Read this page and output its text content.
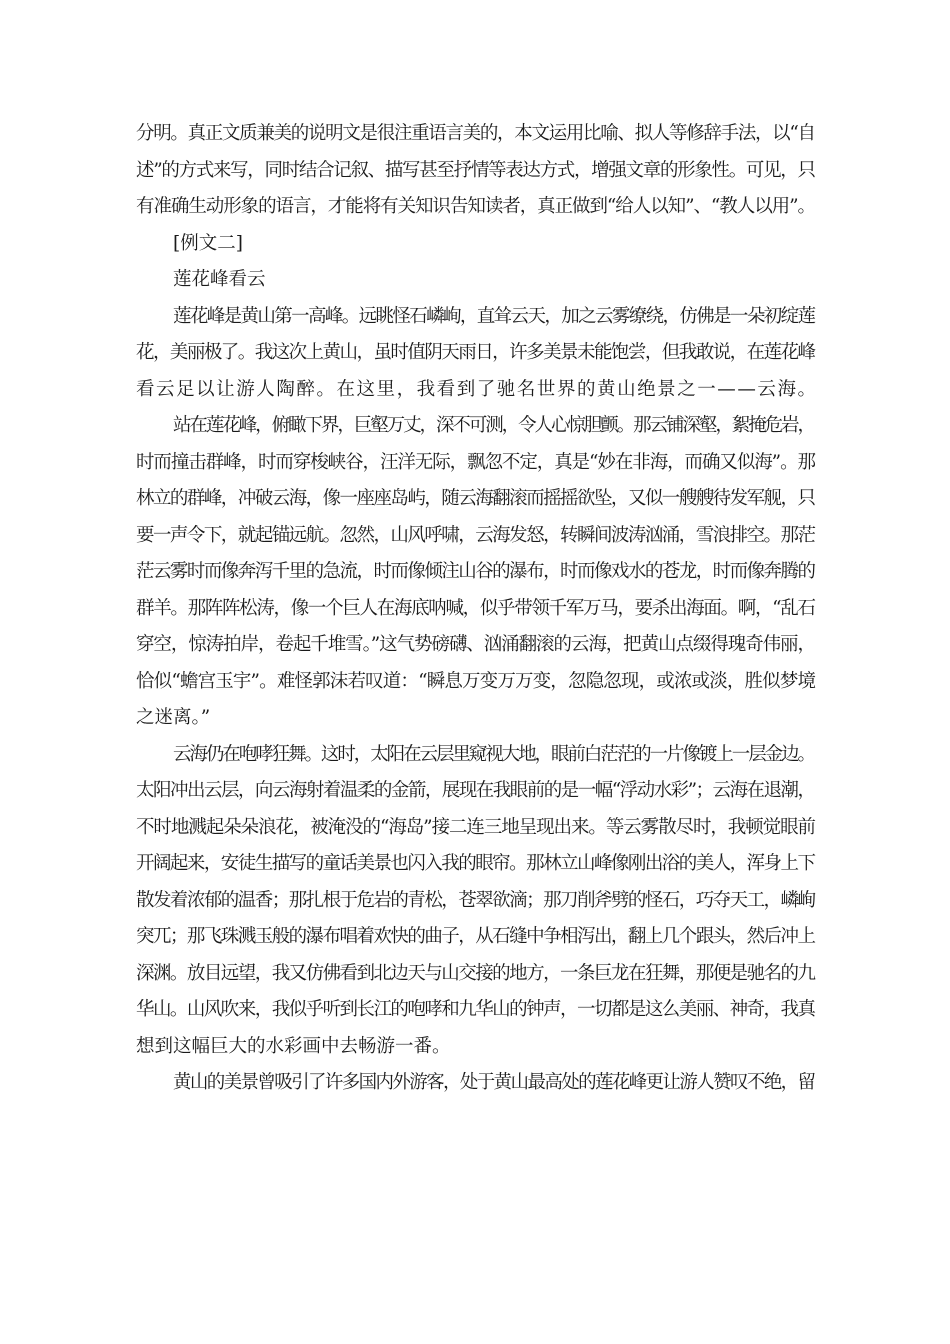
分明。真正文质兼美的说明文是很注重语言美的，本文运用比喻、拟人等修辞手法，以“自
述”的方式来写，同时结合记叙、描写甚至抒情等表达方式，增强文章的形象性。可见，只
有准确生动形象的语言，才能将有关知识告知读者，真正做到“给人以知”、“教人以用”。
[例文二]
莲花峰看云
莲花峰是黄山第一高峰。远眺怪石嶙峋，直耸云天，加之云雾缭绕，仿佛是一朵初绽莲
花，美丽极了。我这次上黄山，虽时值阴天雨日，许多美景未能饱尝，但我敢说，在莲花峰
看云足以让游人陶醉。在这里，我看到了驰名世界的黄山绝景之一——云海。
站在莲花峰，俯瞰下界，巨壑万丈，深不可测，令人心惊胆颤。那云铺深壑，絮掩危岩，
时而撞击群峰，时而穿梭峡谷，汪洋无际，飘忽不定，真是“妙在非海，而确又似海”。那
林立的群峰，冲破云海，像一座座岛屿，随云海翻滚而摇摇欲坠，又似一艘艘待发军舰，只
要一声令下，就起锚远航。忽然，山风呼啸，云海发怒，转瞬间波涛汹涌，雪浪排空。那茫
茫云雾时而像奔泻千里的急流，时而像倾注山谷的瀑布，时而像戏水的苍龙，时而像奔腾的
群羊。那阵阵松涛，像一个巨人在海底呐喊，似乎带领千军万马，要杀出海面。啊，“乱石
穿空，惊涛拍岸，卷起千堆雪。”这气势磅礴、汹涌翻滚的云海，把黄山点缀得瑰奇伟丽，
恰似“蟾宫玉宇”。难怪郭沫若叹道：“瞬息万变万万变，忽隐忽现，或浓或淡，胜似梦境
之迷离。”
云海仍在咆哮狂舞。这时，太阳在云层里窥视大地，眼前白茫茫的一片像镀上一层金边。
太阳冲出云层，向云海射着温柔的金箭，展现在我眼前的是一幅“浮动水彩”；云海在退潮，
不时地溅起朵朵浪花，被淹没的“海岛”接二连三地呈现出来。等云雾散尽时，我顿觉眼前
开阔起来，安徒生描写的童话美景也闪入我的眼帘。那林立山峰像刚出浴的美人，浑身上下
散发着浓郁的温香；那扎根于危岩的青松，苍翠欲滴；那刀削斧劈的怪石，巧夺天工，嶙峋
突兀；那飞珠溅玉般的瀑布唱着欢快的曲子，从石缝中争相泻出，翻上几个跟头，然后冲上
深渊。放目远望，我又仿佛看到北边天与山交接的地方，一条巨龙在狂舞，那便是驰名的九
华山。山风吹来，我似乎听到长江的咆哮和九华山的钟声，一切都是这么美丽、神奇，我真
想到这幅巨大的水彩画中去畅游一番。
黄山的美景曾吸引了许多国内外游客，处于黄山最高处的莲花峰更让游人赞叹不绝，留
